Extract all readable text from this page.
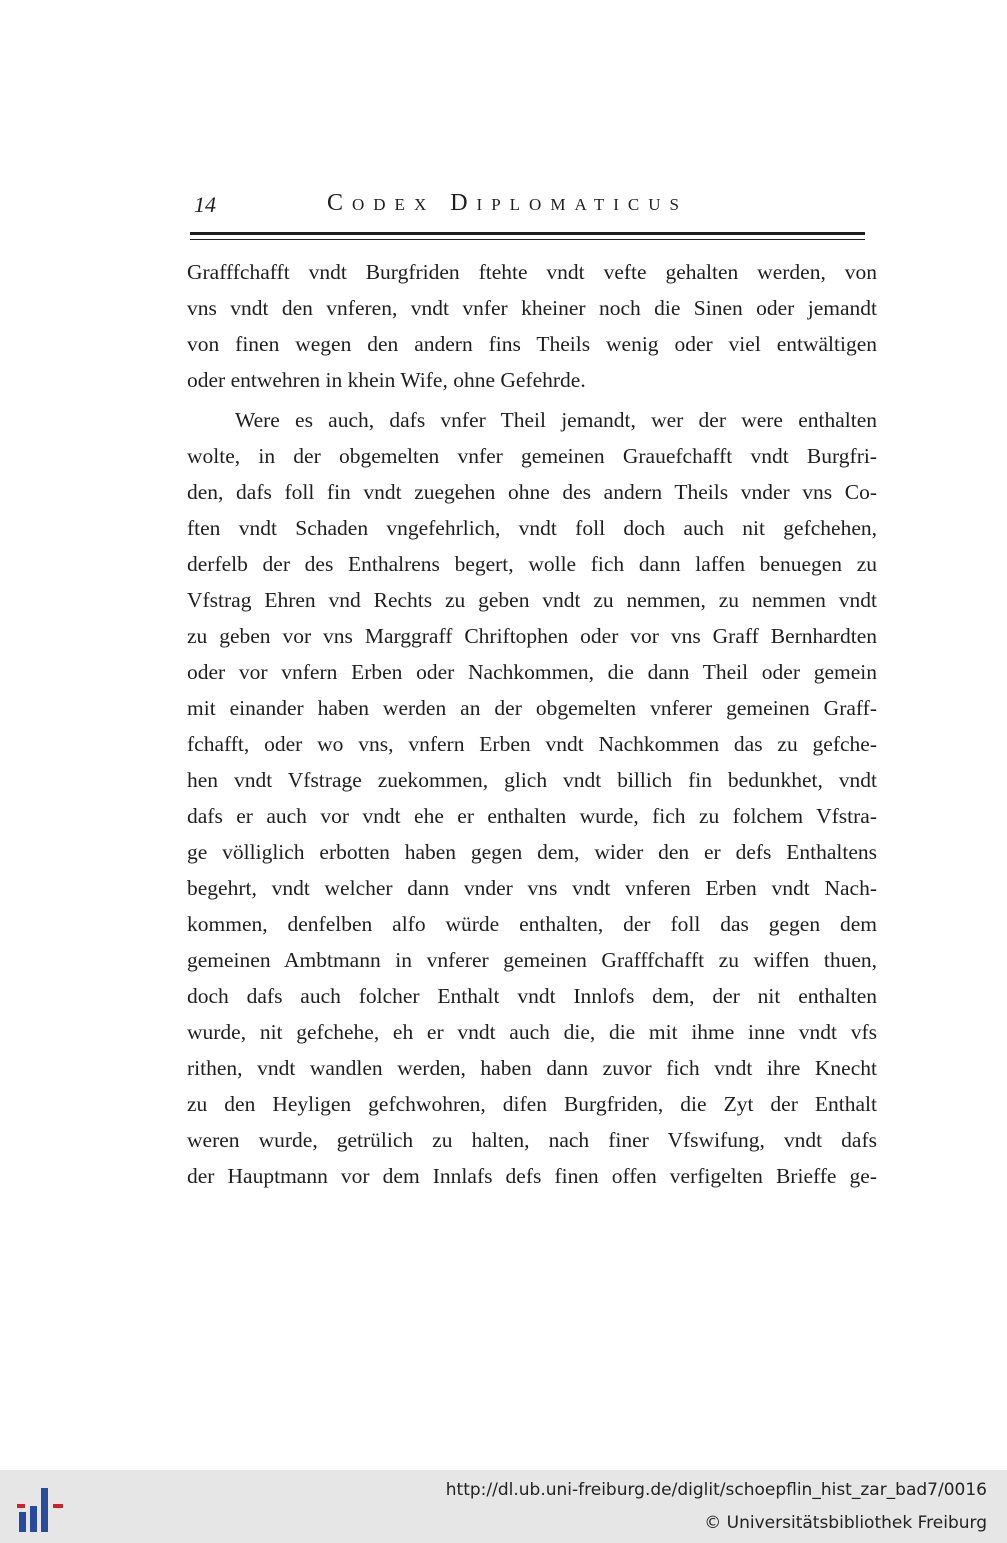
14	Codex Diplomaticus
Grafffchafft vndt Burgfriden ftehte vndt vefte gehalten werden, von
vns vndt den vnferen, vndt vnfer kheiner noch die Sinen oder jemandt
von finen wegen den andern fins Theils wenig oder viel entwältigen
oder entwehren in khein Wife, ohne Gefehrde.
Were es auch, dafs vnfer Theil jemandt, wer der were enthalten
wolte, in der obgemelten vnfer gemeinen Grauefchafft vndt Burgfri-
den, dafs foll fin vndt zuegehen ohne des andern Theils vnder vns Co-
ften vndt Schaden vngefehrlich, vndt foll doch auch nit gefchehen,
derfelb der des Enthalrens begert, wolle fich dann laffen benuegen zu
Vfstrag Ehren vnd Rechts zu geben vndt zu nemmen, zu nemmen vndt
zu geben vor vns Marggraff Chriftophen oder vor vns Graff Bernhardten
oder vor vnfern Erben oder Nachkommen, die dann Theil oder gemein
mit einander haben werden an der obgemelten vnferer gemeinen Graff-
fchafft, oder wo vns, vnfern Erben vndt Nachkommen das zu gefche-
hen vndt Vfstrage zuekommen, glich vndt billich fin bedunkhet, vndt
dafs er auch vor vndt ehe er enthalten wurde, fich zu folchem Vfstra-
ge völliglich erbotten haben gegen dem, wider den er defs Enthaltens
begehrt, vndt welcher dann vnder vns vndt vnferen Erben vndt Nach-
kommen, denfelben alfo würde enthalten, der foll das gegen dem
gemeinen Ambtmann in vnferer gemeinen Grafffchafft zu wiffen thuen,
doch dafs auch folcher Enthalt vndt Innlofs dem, der nit enthalten
wurde, nit gefchehe, eh er vndt auch die, die mit ihme inne vndt vfs
rithen, vndt wandlen werden, haben dann zuvor fich vndt ihre Knecht
zu den Heyligen gefchwohren, difen Burgfriden, die Zyt der Enthalt
weren wurde, getrülich zu halten, nach finer Vfswifung, vndt dafs
der Hauptmann vor dem Innlafs defs finen offen verfigelten Brieffe ge-
http://dl.ub.uni-freiburg.de/diglit/schoepflin_hist_zar_bad7/0016
© Universitätsbibliothek Freiburg
